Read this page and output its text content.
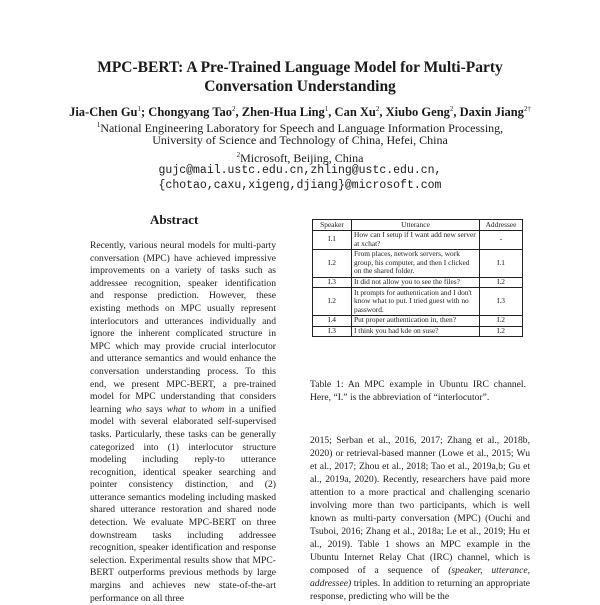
MPC-BERT: A Pre-Trained Language Model for Multi-Party
Conversation Understanding
Jia-Chen Gu$^1$; Chongyang Tao$^2$, Zhen-Hua Ling$^1$, Can Xu$^2$, Xiubo Geng$^2$, Daxin Jiang$^{2\dagger}$
$^1$National Engineering Laboratory for Speech and Language Information Processing,
University of Science and Technology of China, Hefei, China
$^2$Microsoft, Beijing, China
gujc@mail.ustc.edu.cn,zhling@ustc.edu.cn,
{chotao,caxu,xigeng,djiang}@microsoft.com
Abstract

Recently, various neural models for multi-party conversation (MPC) have achieved impressive improvements on a variety of tasks such as addressee recognition, speaker identification and response prediction. However, these existing methods on MPC usually represent interlocutors and utterances individually and ignore the inherent complicated structure in MPC which may provide crucial interlocutor and utterance semantics and would enhance the conversation understanding process. To this end, we present MPC-BERT, a pre-trained model for MPC understanding that considers learning who says what to whom in a unified model with several elaborated self-supervised tasks. Particularly, these tasks can be generally categorized into (1) interlocutor structure modeling including reply-to utterance recognition, identical speaker searching and pointer consistency distinction, and (2) utterance semantics modeling including masked shared utterance restoration and shared node detection. We evaluate MPC-BERT on three downstream tasks including addressee recognition, speaker identification and response selection. Experimental results show that MPC-BERT outperforms previous methods by large margins and achieves new state-of-the-art performance on all three

Speaker	Utterance	Addressee
I.1	How can I setup if I want add new server at xchat?	-
I.2	From places, network servers, work group, his computer, and then I clicked on the shared folder.	I.1
I.3	It did not allow you to see the files?	I.2
I.2	It prompts for authentication and I don't know what to put. I tried guest with no password.	I.3
I.4	Put proper authentication in, then?	I.2
I.3	I think you had kde on suse?	I.2
Table 1: An MPC example in Ubuntu IRC channel. Here, “I.” is the abbreviation of “interlocutor”.

2015; Serban et al., 2016, 2017; Zhang et al., 2018b, 2020) or retrieval-based manner (Lowe et al., 2015; Wu et al., 2017; Zhou et al., 2018; Tao et al., 2019a,b; Gu et al., 2019a, 2020). Recently, researchers have paid more attention to a more practical and challenging scenario involving more than two participants, which is well known as multi-party conversation (MPC) (Ouchi and Tsuboi, 2016; Zhang et al., 2018a; Le et al., 2019; Hu et al., 2019). Table 1 shows an MPC example in the Ubuntu Internet Relay Chat (IRC) channel, which is composed of a sequence of (speaker, utterance, addressee) triples. In addition to returning an appropriate response, predicting who will be the
